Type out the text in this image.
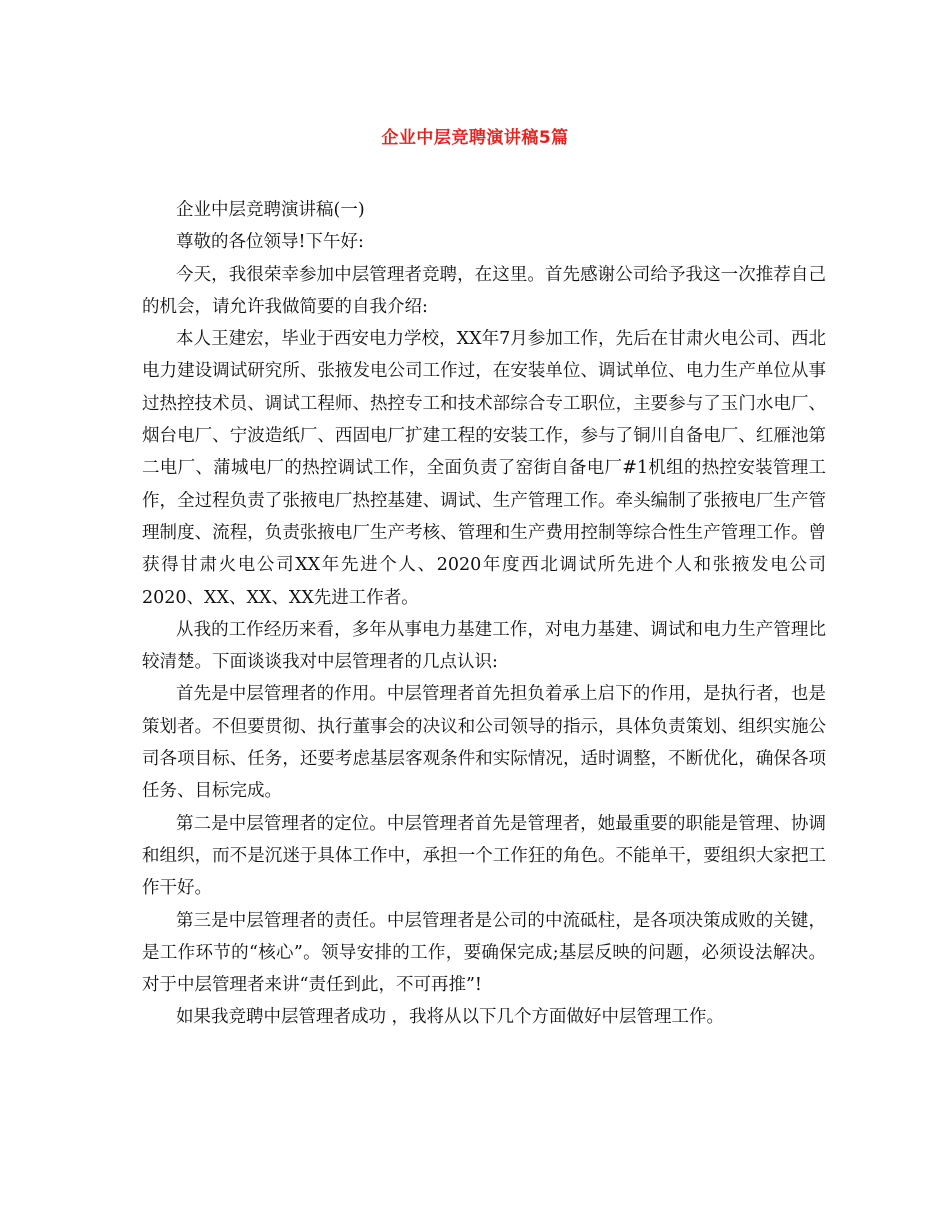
企业中层竞聘演讲稿5篇

企业中层竞聘演讲稿(一)

尊敬的各位领导!下午好:

今天，我很荣幸参加中层管理者竞聘，在这里。首先感谢公司给予我这一次推荐自己的机会，请允许我做简要的自我介绍:

本人王建宏，毕业于西安电力学校，XX年7月参加工作，先后在甘肃火电公司、西北电力建设调试研究所、张掖发电公司工作过，在安装单位、调试单位、电力生产单位从事过热控技术员、调试工程师、热控专工和技术部综合专工职位，主要参与了玉门水电厂、烟台电厂、宁波造纸厂、西固电厂扩建工程的安装工作，参与了铜川自备电厂、红雁池第二电厂、蒲城电厂的热控调试工作，全面负责了窑街自备电厂#1机组的热控安装管理工作，全过程负责了张掖电厂热控基建、调试、生产管理工作。牵头编制了张掖电厂生产管理制度、流程，负责张掖电厂生产考核、管理和生产费用控制等综合性生产管理工作。曾获得甘肃火电公司XX年先进个人、2020年度西北调试所先进个人和张掖发电公司2020、XX、XX、XX先进工作者。

从我的工作经历来看，多年从事电力基建工作，对电力基建、调试和电力生产管理比较清楚。下面谈谈我对中层管理者的几点认识:

首先是中层管理者的作用。中层管理者首先担负着承上启下的作用，是执行者，也是策划者。不但要贯彻、执行董事会的决议和公司领导的指示，具体负责策划、组织实施公司各项目标、任务，还要考虑基层客观条件和实际情况，适时调整，不断优化，确保各项任务、目标完成。

第二是中层管理者的定位。中层管理者首先是管理者，她最重要的职能是管理、协调和组织，而不是沉迷于具体工作中，承担一个工作狂的角色。不能单干，要组织大家把工作干好。

第三是中层管理者的责任。中层管理者是公司的中流砥柱，是各项决策成败的关键，是工作环节的“核心”。领导安排的工作，要确保完成;基层反映的问题，必须设法解决。对于中层管理者来讲“责任到此，不可再推”!

如果我竞聘中层管理者成功 ，我将从以下几个方面做好中层管理工作。
